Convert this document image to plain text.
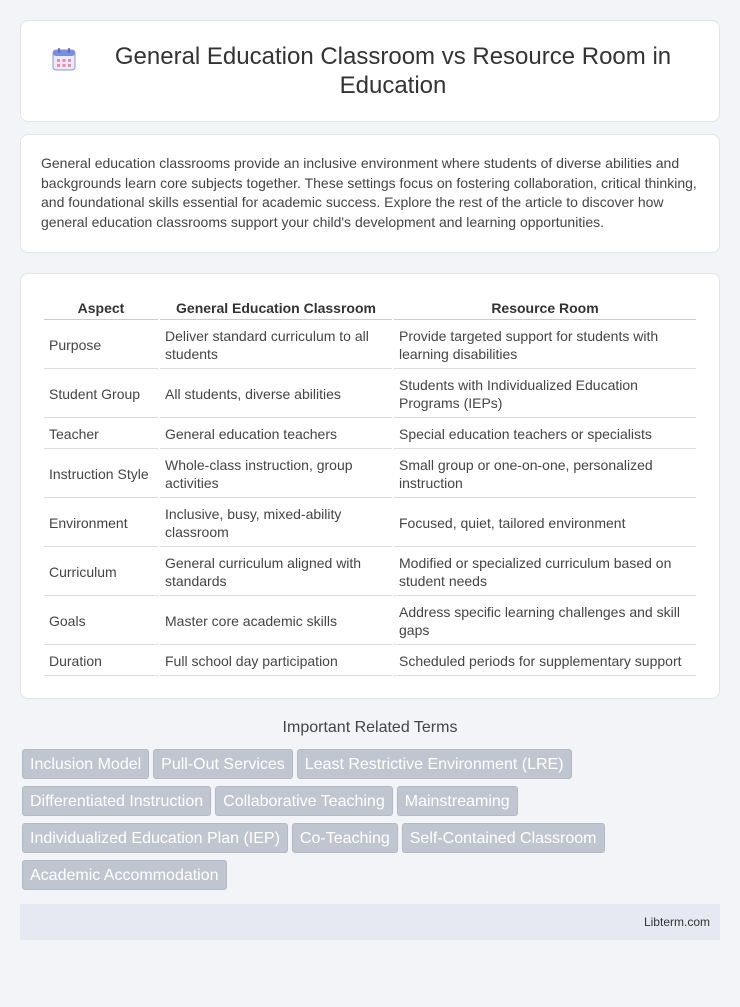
General Education Classroom vs Resource Room in Education
General education classrooms provide an inclusive environment where students of diverse abilities and backgrounds learn core subjects together. These settings focus on fostering collaboration, critical thinking, and foundational skills essential for academic success. Explore the rest of the article to discover how general education classrooms support your child's development and learning opportunities.
Aspect	General Education Classroom	Resource Room
Purpose	Deliver standard curriculum to all students	Provide targeted support for students with learning disabilities
Student Group	All students, diverse abilities	Students with Individualized Education Programs (IEPs)
Teacher	General education teachers	Special education teachers or specialists
Instruction Style	Whole-class instruction, group activities	Small group or one-on-one, personalized instruction
Environment	Inclusive, busy, mixed-ability classroom	Focused, quiet, tailored environment
Curriculum	General curriculum aligned with standards	Modified or specialized curriculum based on student needs
Goals	Master core academic skills	Address specific learning challenges and skill gaps
Duration	Full school day participation	Scheduled periods for supplementary support
Important Related Terms
Inclusion Model	Pull-Out Services	Least Restrictive Environment (LRE)
Differentiated Instruction	Collaborative Teaching	Mainstreaming
Individualized Education Plan (IEP)	Co-Teaching	Self-Contained Classroom
Academic Accommodation
Libterm.com
